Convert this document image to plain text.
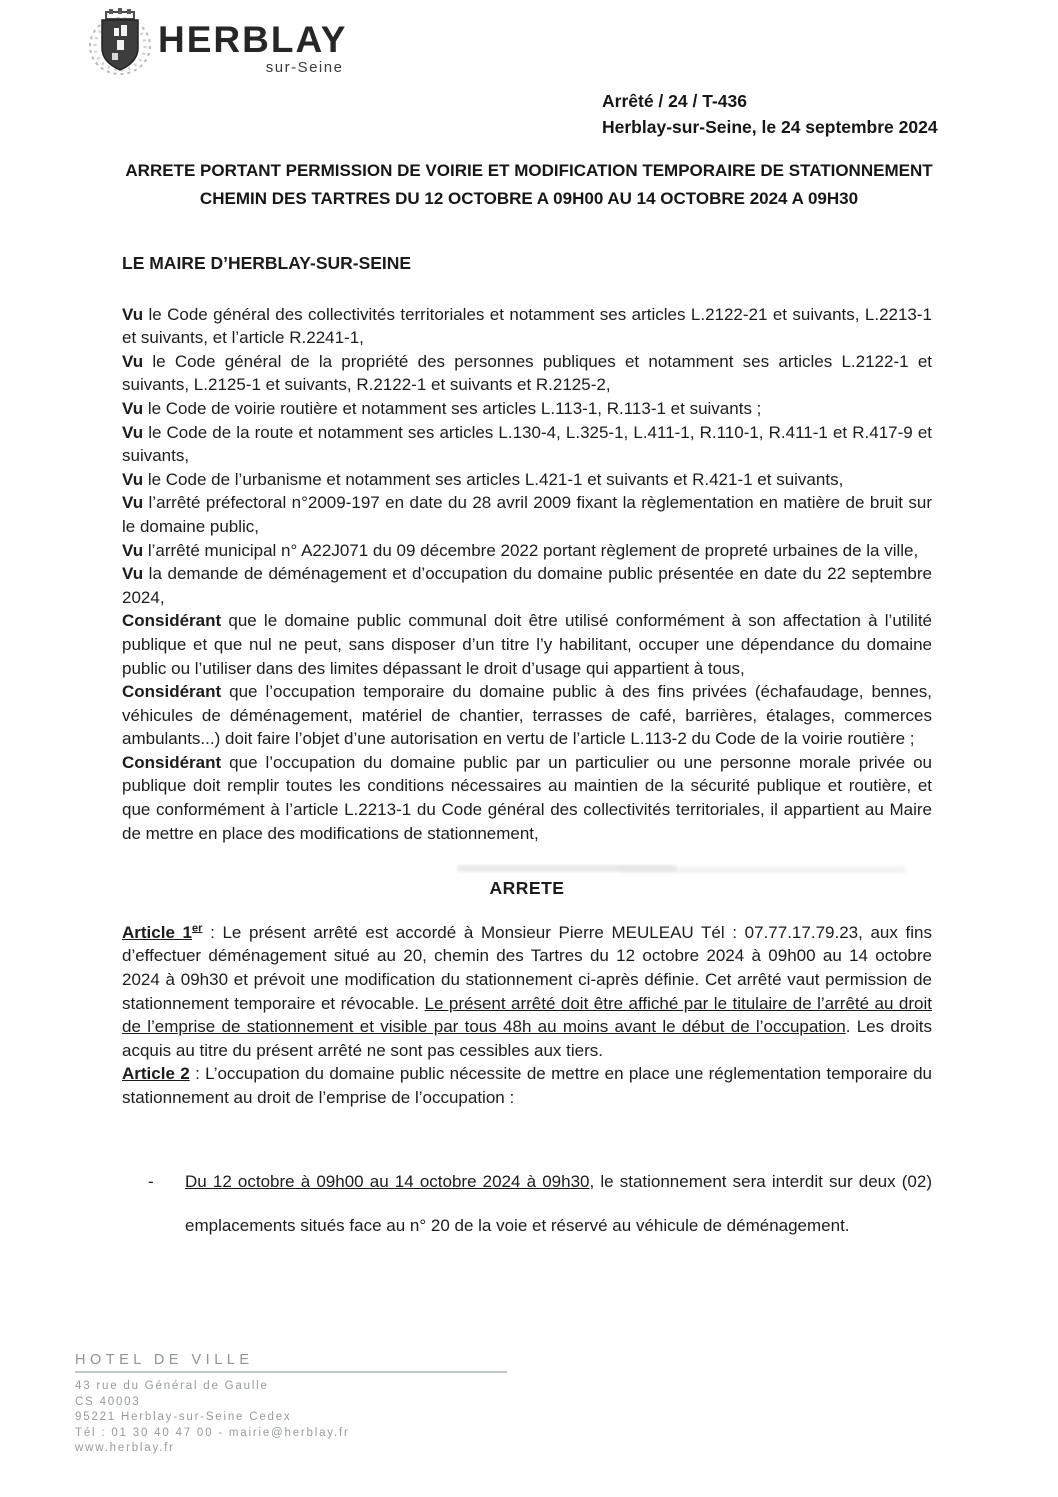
HERBLAY
sur-Seine
Arrêté / 24 / T-436
Herblay-sur-Seine, le 24 septembre 2024
ARRETE PORTANT PERMISSION DE VOIRIE ET MODIFICATION TEMPORAIRE DE STATIONNEMENT
CHEMIN DES TARTRES DU 12 OCTOBRE A 09H00 AU 14 OCTOBRE 2024 A 09H30

LE MAIRE D’HERBLAY-SUR-SEINE

Vu le Code général des collectivités territoriales et notamment ses articles L.2122-21 et suivants, L.2213-1 et suivants, et l’article R.2241-1,

Vu le Code général de la propriété des personnes publiques et notamment ses articles L.2122-1 et suivants, L.2125-1 et suivants, R.2122-1 et suivants et R.2125-2,

Vu le Code de voirie routière et notamment ses articles L.113-1, R.113-1 et suivants ;

Vu le Code de la route et notamment ses articles L.130-4, L.325-1, L.411-1, R.110-1, R.411-1 et R.417-9 et suivants,

Vu le Code de l’urbanisme et notamment ses articles L.421-1 et suivants et R.421-1 et suivants,

Vu l’arrêté préfectoral n°2009-197 en date du 28 avril 2009 fixant la règlementation en matière de bruit sur le domaine public,

Vu l’arrêté municipal n° A22J071 du 09 décembre 2022 portant règlement de propreté urbaines de la ville,

Vu la demande de déménagement et d’occupation du domaine public présentée en date du 22 septembre 2024,

Considérant que le domaine public communal doit être utilisé conformément à son affectation à l’utilité publique et que nul ne peut, sans disposer d’un titre l’y habilitant, occuper une dépendance du domaine public ou l’utiliser dans des limites dépassant le droit d’usage qui appartient à tous,

Considérant que l’occupation temporaire du domaine public à des fins privées (échafaudage, bennes, véhicules de déménagement, matériel de chantier, terrasses de café, barrières, étalages, commerces ambulants...) doit faire l’objet d’une autorisation en vertu de l’article L.113-2 du Code de la voirie routière ;

Considérant que l’occupation du domaine public par un particulier ou une personne morale privée ou publique doit remplir toutes les conditions nécessaires au maintien de la sécurité publique et routière, et que conformément à l’article L.2213-1 du Code général des collectivités territoriales, il appartient au Maire de mettre en place des modifications de stationnement,

ARRETE

Article 1er : Le présent arrêté est accordé à Monsieur Pierre MEULEAU Tél : 07.77.17.79.23, aux fins d’effectuer déménagement situé au 20, chemin des Tartres du 12 octobre 2024 à 09h00 au 14 octobre 2024 à 09h30 et prévoit une modification du stationnement ci-après définie. Cet arrêté vaut permission de stationnement temporaire et révocable. Le présent arrêté doit être affiché par le titulaire de l’arrêté au droit de l’emprise de stationnement et visible par tous 48h au moins avant le début de l’occupation. Les droits acquis au titre du présent arrêté ne sont pas cessibles aux tiers.

Article 2 : L’occupation du domaine public nécessite de mettre en place une réglementation temporaire du stationnement au droit de l’emprise de l’occupation :

-	Du 12 octobre à 09h00 au 14 octobre 2024 à 09h30, le stationnement sera interdit sur deux (02) emplacements situés face au n° 20 de la voie et réservé au véhicule de déménagement.
HOTEL DE VILLE
43 rue du Général de Gaulle
CS 40003
95221 Herblay-sur-Seine Cedex
Tél : 01 30 40 47 00 - mairie@herblay.fr
www.herblay.fr
